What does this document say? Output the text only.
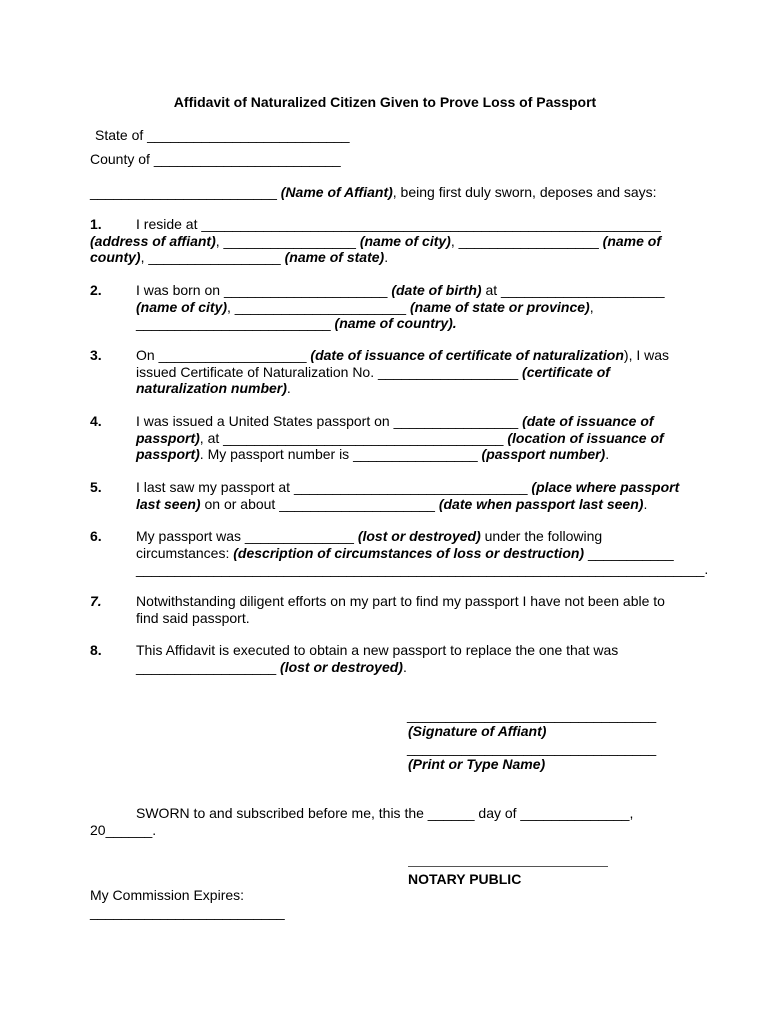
Affidavit of Naturalized Citizen Given to Prove Loss of Passport
State of __________________________
County of ________________________
________________________ (Name of Affiant), being first duly sworn, deposes and says:
1. I reside at ___________________________________________________________
(address of affiant), _________________ (name of city), __________________ (name of
county), _________________ (name of state).
2. I was born on _____________________ (date of birth) at _____________________
(name of city), ______________________ (name of state or province),
_________________________ (name of country).
3. On ___________________ (date of issuance of certificate of naturalization), I was
issued Certificate of Naturalization No. __________________ (certificate of
naturalization number).
4. I was issued a United States passport on ________________ (date of issuance of
passport), at ____________________________________ (location of issuance of
passport). My passport number is ________________ (passport number).
5. I last saw my passport at ______________________________ (place where passport
last seen) on or about ____________________ (date when passport last seen).
6. My passport was ______________ (lost or destroyed) under the following
circumstances: (description of circumstances of loss or destruction) ___________
_________________________________________________________________________.
7. Notwithstanding diligent efforts on my part to find my passport I have not been able to
find said passport.
8. This Affidavit is executed to obtain a new passport to replace the one that was
__________________ (lost or destroyed).
________________________________
(Signature of Affiant)
________________________________
(Print or Type Name)
SWORN to and subscribed before me, this the ______ day of ______________,
20______.
NOTARY PUBLIC
My Commission Expires:
_________________________
